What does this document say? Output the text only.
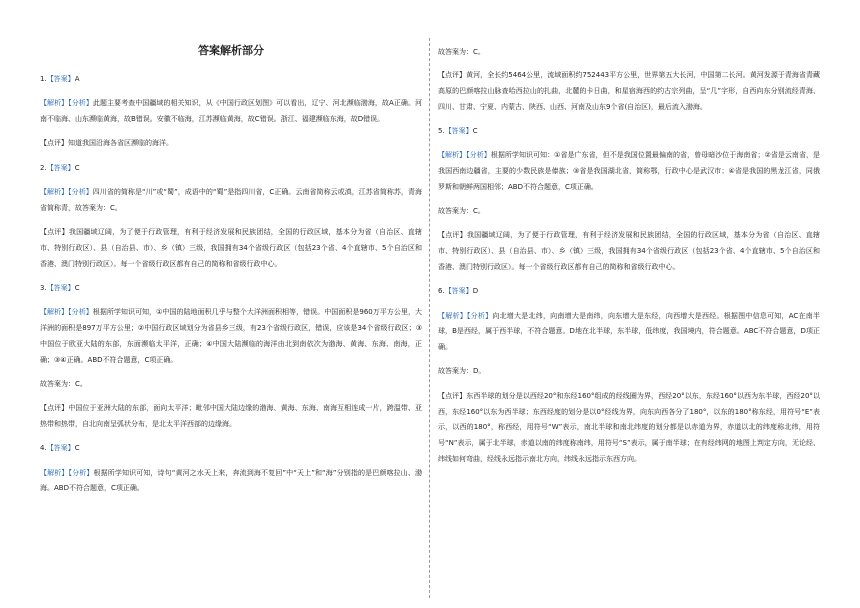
答案解析部分

1.【答案】A

【解析】【分析】此题主要考查中国疆域的相关知识，从《中国行政区划图》可以看出，辽宁、河北濒临渤海，故A正确。河南不临海、山东濒临黄海，故B错误。安徽不临海，江苏濒临黄海，故C错误。浙江、福建濒临东海，故D错误。

【点评】知道我国沿海各省区濒临的海洋。

2.【答案】C

【解析】【分析】四川省的简称是“川”或“蜀”，成语中的“蜀”是指四川省，C正确。云南省简称云或滇，江苏省简称苏，青海省简称青，故答案为：C。

【点评】我国疆域辽阔，为了便于行政管理，有利于经济发展和民族团结，全国的行政区域，基本分为省（自治区、直辖市、特别行政区）、县（自治县、市）、乡（镇）三级，我国拥有34个省级行政区（包括23个省、4个直辖市、5个自治区和香港、澳门特别行政区）。每一个省级行政区都有自己的简称和省级行政中心。

3.【答案】C

【解析】【分析】根据所学知识可知，①中国的陆地面积几乎与整个大洋洲面积相等，错误。中国面积是960万平方公里，大洋洲的面积是897万平方公里；②中国行政区域划分为省县乡三级，有23个省级行政区，错误，应该是34个省级行政区；③中国位于欧亚大陆的东部，东面濒临太平洋，正确；④中国大陆濒临的海洋由北到南依次为渤海、黄海、东海、南海，正确；③④正确。ABD不符合题意，C项正确。

故答案为：C。

【点评】中国位于亚洲大陆的东部，面向太平洋；毗邻中国大陆边缘的渤海、黄海、东海、南海互相连成一片，跨温带、亚热带和热带，自北向南呈弧状分布，是北太平洋西部的边缘海。

4.【答案】C

【解析】【分析】根据所学知识可知，诗句“黄河之水天上来，奔流到海不复回”中“天上”和“海”分别指的是巴颜喀拉山、渤海。ABD不符合题意，C项正确。

故答案为：C。

【点评】黄河，全长约5464公里，流域面积约752443平方公里，世界第五大长河，中国第二长河。黄河发源于青海省青藏高原的巴颜喀拉山脉查哈西拉山的扎曲，北麓的卡日曲，和星宿海西的约古宗列曲，呈“几”字形，自西向东分别流经青海、四川、甘肃、宁夏、内蒙古、陕西、山西、河南及山东9个省(自治区)，最后流入渤海。

5.【答案】C

【解析】【分析】根据所学知识可知：①省是广东省，但不是我国位置最偏南的省，曾母暗沙位于海南省；②省是云南省，是我国西南边疆省，主要的少数民族是傣族；③省是我国湖北省，简称鄂，行政中心是武汉市；④省是我国的黑龙江省，同俄罗斯和朝鲜两国相邻；ABD不符合题意，C项正确。

故答案为：C。

【点评】我国疆域辽阔，为了便于行政管理，有利于经济发展和民族团结，全国的行政区域，基本分为省（自治区、直辖市、特别行政区）、县（自治县、市）、乡（镇）三级，我国拥有34个省级行政区（包括23个省、4个直辖市、5个自治区和香港、澳门特别行政区）。每一个省级行政区都有自己的简称和省级行政中心。

6.【答案】D

【解析】【分析】向北增大是北纬，向南增大是南纬，向东增大是东经，向西增大是西经。根据图中信息可知，AC在南半球，B是西经，属于西半球，不符合题意。D地在北半球，东半球，低纬度，我国境内，符合题意。ABC不符合题意，D项正确。

故答案为：D。

【点评】东西半球的划分是以西经20°和东经160°组成的经线圈为界，西经20°以东，东经160°以西为东半球，西经20°以西，东经160°以东为西半球；东西经度的划分是以0°经线为界，向东向西各分了180°，以东的180°称东经，用符号“E”表示，以西的180°，称西经，用符号“W”表示，南北半球和南北纬度的划分都是以赤道为界，赤道以北的纬度称北纬，用符号“N”表示，属于北半球，赤道以南的纬度称南纬，用符号“S”表示，属于南半球；在有经纬网的地图上判定方向，无论经、纬线如何弯曲，经线永远指示南北方向，纬线永远指示东西方向。
